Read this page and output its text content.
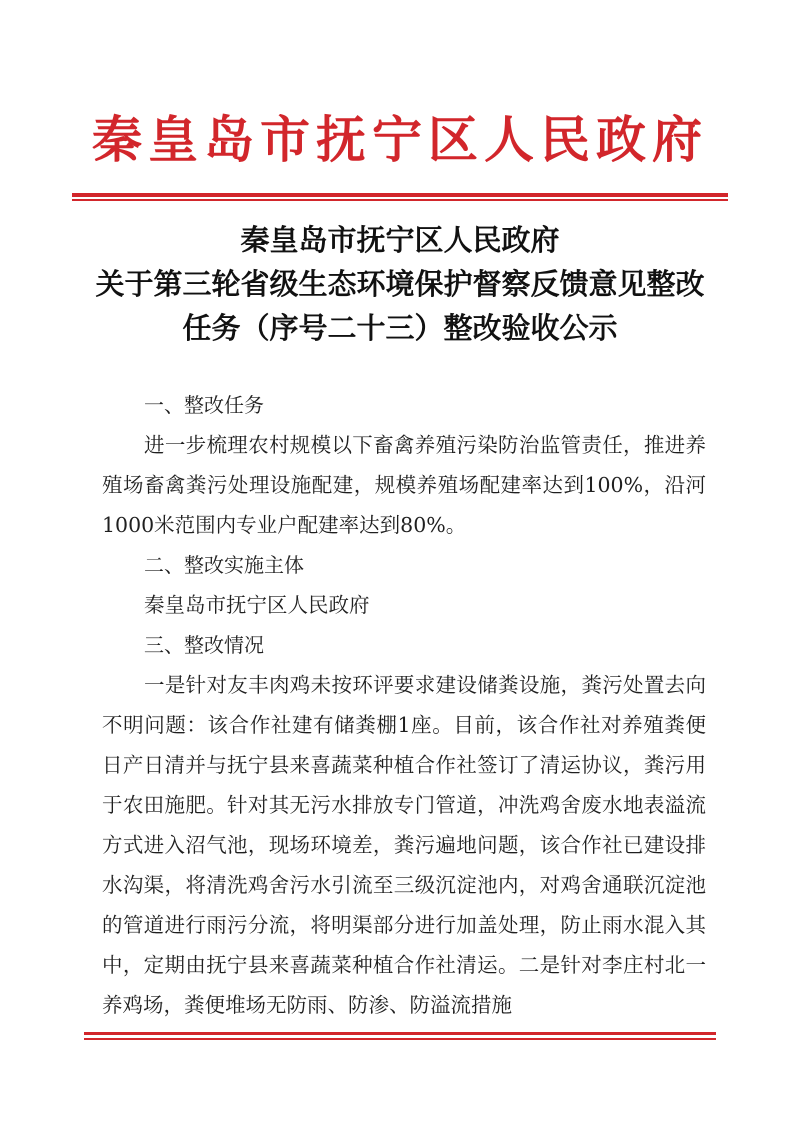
秦皇岛市抚宁区人民政府
秦皇岛市抚宁区人民政府
关于第三轮省级生态环境保护督察反馈意见整改
任务（序号二十三）整改验收公示

一、整改任务

进一步梳理农村规模以下畜禽养殖污染防治监管责任，推进养殖场畜禽粪污处理设施配建，规模养殖场配建率达到100%，沿河1000米范围内专业户配建率达到80%。

二、整改实施主体

秦皇岛市抚宁区人民政府

三、整改情况

一是针对友丰肉鸡未按环评要求建设储粪设施，粪污处置去向不明问题：该合作社建有储粪棚1座。目前，该合作社对养殖粪便日产日清并与抚宁县来喜蔬菜种植合作社签订了清运协议，粪污用于农田施肥。针对其无污水排放专门管道，冲洗鸡舍废水地表溢流方式进入沼气池，现场环境差，粪污遍地问题，该合作社已建设排水沟渠，将清洗鸡舍污水引流至三级沉淀池内，对鸡舍通联沉淀池的管道进行雨污分流，将明渠部分进行加盖处理，防止雨水混入其中，定期由抚宁县来喜蔬菜种植合作社清运。二是针对李庄村北一养鸡场，粪便堆场无防雨、防渗、防溢流措施
